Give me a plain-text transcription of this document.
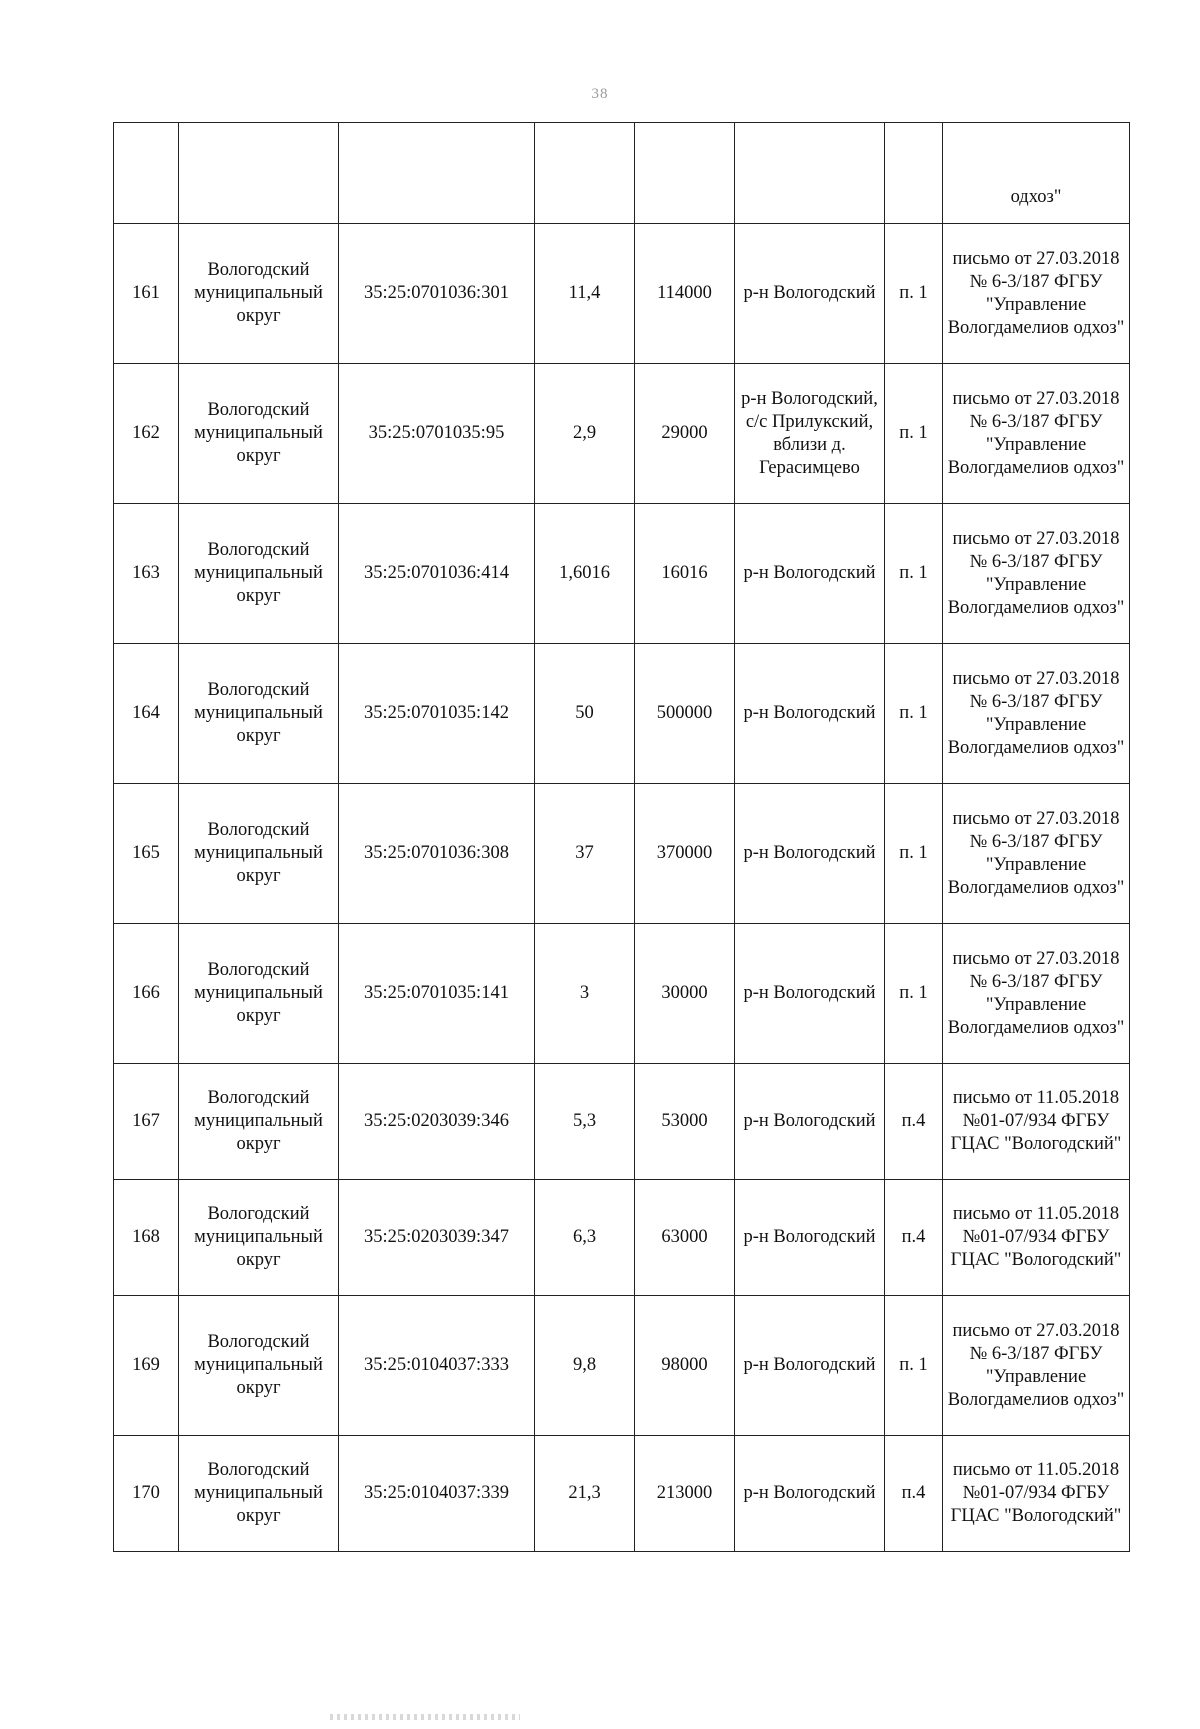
38
							одхоз"
161	Вологодский муниципальный округ	35:25:0701036:301	11,4	114000	р-н Вологодский	п. 1	письмо от 27.03.2018 № 6-3/187 ФГБУ "Управление Вологдамелиов одхоз"
162	Вологодский муниципальный округ	35:25:0701035:95	2,9	29000	р-н Вологодский, с/с Прилукский, вблизи д. Герасимцево	п. 1	письмо от 27.03.2018 № 6-3/187 ФГБУ "Управление Вологдамелиов одхоз"
163	Вологодский муниципальный округ	35:25:0701036:414	1,6016	16016	р-н Вологодский	п. 1	письмо от 27.03.2018 № 6-3/187 ФГБУ "Управление Вологдамелиов одхоз"
164	Вологодский муниципальный округ	35:25:0701035:142	50	500000	р-н Вологодский	п. 1	письмо от 27.03.2018 № 6-3/187 ФГБУ "Управление Вологдамелиов одхоз"
165	Вологодский муниципальный округ	35:25:0701036:308	37	370000	р-н Вологодский	п. 1	письмо от 27.03.2018 № 6-3/187 ФГБУ "Управление Вологдамелиов одхоз"
166	Вологодский муниципальный округ	35:25:0701035:141	3	30000	р-н Вологодский	п. 1	письмо от 27.03.2018 № 6-3/187 ФГБУ "Управление Вологдамелиов одхоз"
167	Вологодский муниципальный округ	35:25:0203039:346	5,3	53000	р-н Вологодский	п.4	письмо от 11.05.2018 №01-07/934 ФГБУ ГЦАС "Вологодский"
168	Вологодский муниципальный округ	35:25:0203039:347	6,3	63000	р-н Вологодский	п.4	письмо от 11.05.2018 №01-07/934 ФГБУ ГЦАС "Вологодский"
169	Вологодский муниципальный округ	35:25:0104037:333	9,8	98000	р-н Вологодский	п. 1	письмо от 27.03.2018 № 6-3/187 ФГБУ "Управление Вологдамелиов одхоз"
170	Вологодский муниципальный округ	35:25:0104037:339	21,3	213000	р-н Вологодский	п.4	письмо от 11.05.2018 №01-07/934 ФГБУ ГЦАС "Вологодский"
